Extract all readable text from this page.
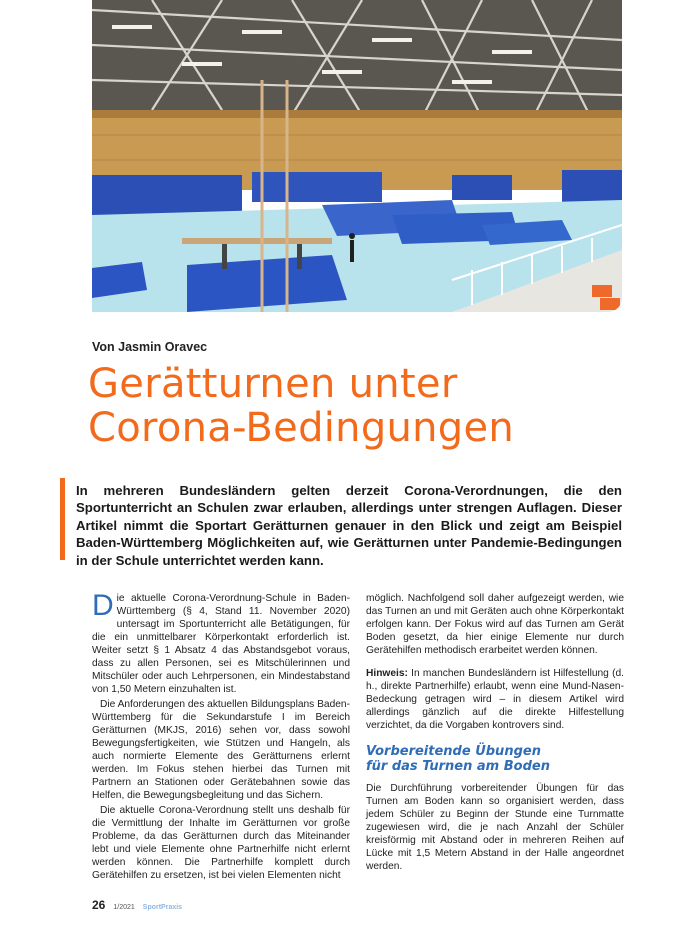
Von Jasmin Oravec
Gerätturnen unter
Corona-Bedingungen

In mehreren Bundesländern gelten derzeit Corona-Verordnungen, die den Sportunterricht an Schulen zwar erlauben, allerdings unter strengen Auflagen. Dieser Artikel nimmt die Sportart Gerätturnen genauer in den Blick und zeigt am Beispiel Baden-Württemberg Möglichkeiten auf, wie Gerätturnen unter Pandemie-Bedingungen in der Schule unterrichtet werden kann.

Die aktuelle Corona-Verordnung-Schule in Baden-Württemberg (§ 4, Stand 11. November 2020) untersagt im Sportunterricht alle Betätigungen, für die ein unmittelbarer Körperkontakt erforderlich ist. Weiter setzt § 1 Absatz 4 das Abstandsgebot voraus, dass zu allen Personen, sei es Mitschülerinnen und Mitschüler oder auch Lehrpersonen, ein Mindestabstand von 1,50 Metern einzuhalten ist.

Die Anforderungen des aktuellen Bildungsplans Baden-Württemberg für die Sekundarstufe I im Bereich Gerätturnen (MKJS, 2016) sehen vor, dass sowohl Bewegungsfertigkeiten, wie Stützen und Hangeln, als auch normierte Elemente des Gerätturnens erlernt werden. Im Fokus stehen hierbei das Turnen mit Partnern an Stationen oder Gerätebahnen sowie das Helfen, die Bewegungsbegleitung und das Sichern.

Die aktuelle Corona-Verordnung stellt uns deshalb für die Vermittlung der Inhalte im Gerätturnen vor große Probleme, da das Gerätturnen durch das Miteinander lebt und viele Elemente ohne Partnerhilfe nicht erlernt werden können. Die Partnerhilfe komplett durch Gerätehilfen zu ersetzen, ist bei vielen Elementen nicht

möglich. Nachfolgend soll daher aufgezeigt werden, wie das Turnen an und mit Geräten auch ohne Körperkontakt erfolgen kann. Der Fokus wird auf das Turnen am Gerät Boden gesetzt, da hier einige Elemente nur durch Gerätehilfen methodisch erarbeitet werden können.

Hinweis: In manchen Bundesländern ist Hilfestellung (d. h., direkte Partnerhilfe) erlaubt, wenn eine Mund-Nasen-Bedeckung getragen wird – in diesem Artikel wird allerdings gänzlich auf die direkte Hilfestellung verzichtet, da die Vorgaben kontrovers sind.

Vorbereitende Übungen
für das Turnen am Boden

Die Durchführung vorbereitender Übungen für das Turnen am Boden kann so organisiert werden, dass jedem Schüler zu Beginn der Stunde eine Turnmatte zugewiesen wird, die je nach Anzahl der Schüler kreisförmig mit Abstand oder in mehreren Reihen auf Lücke mit 1,5 Metern Abstand in der Halle angeordnet werden.

26 1/2021 SportPraxis
